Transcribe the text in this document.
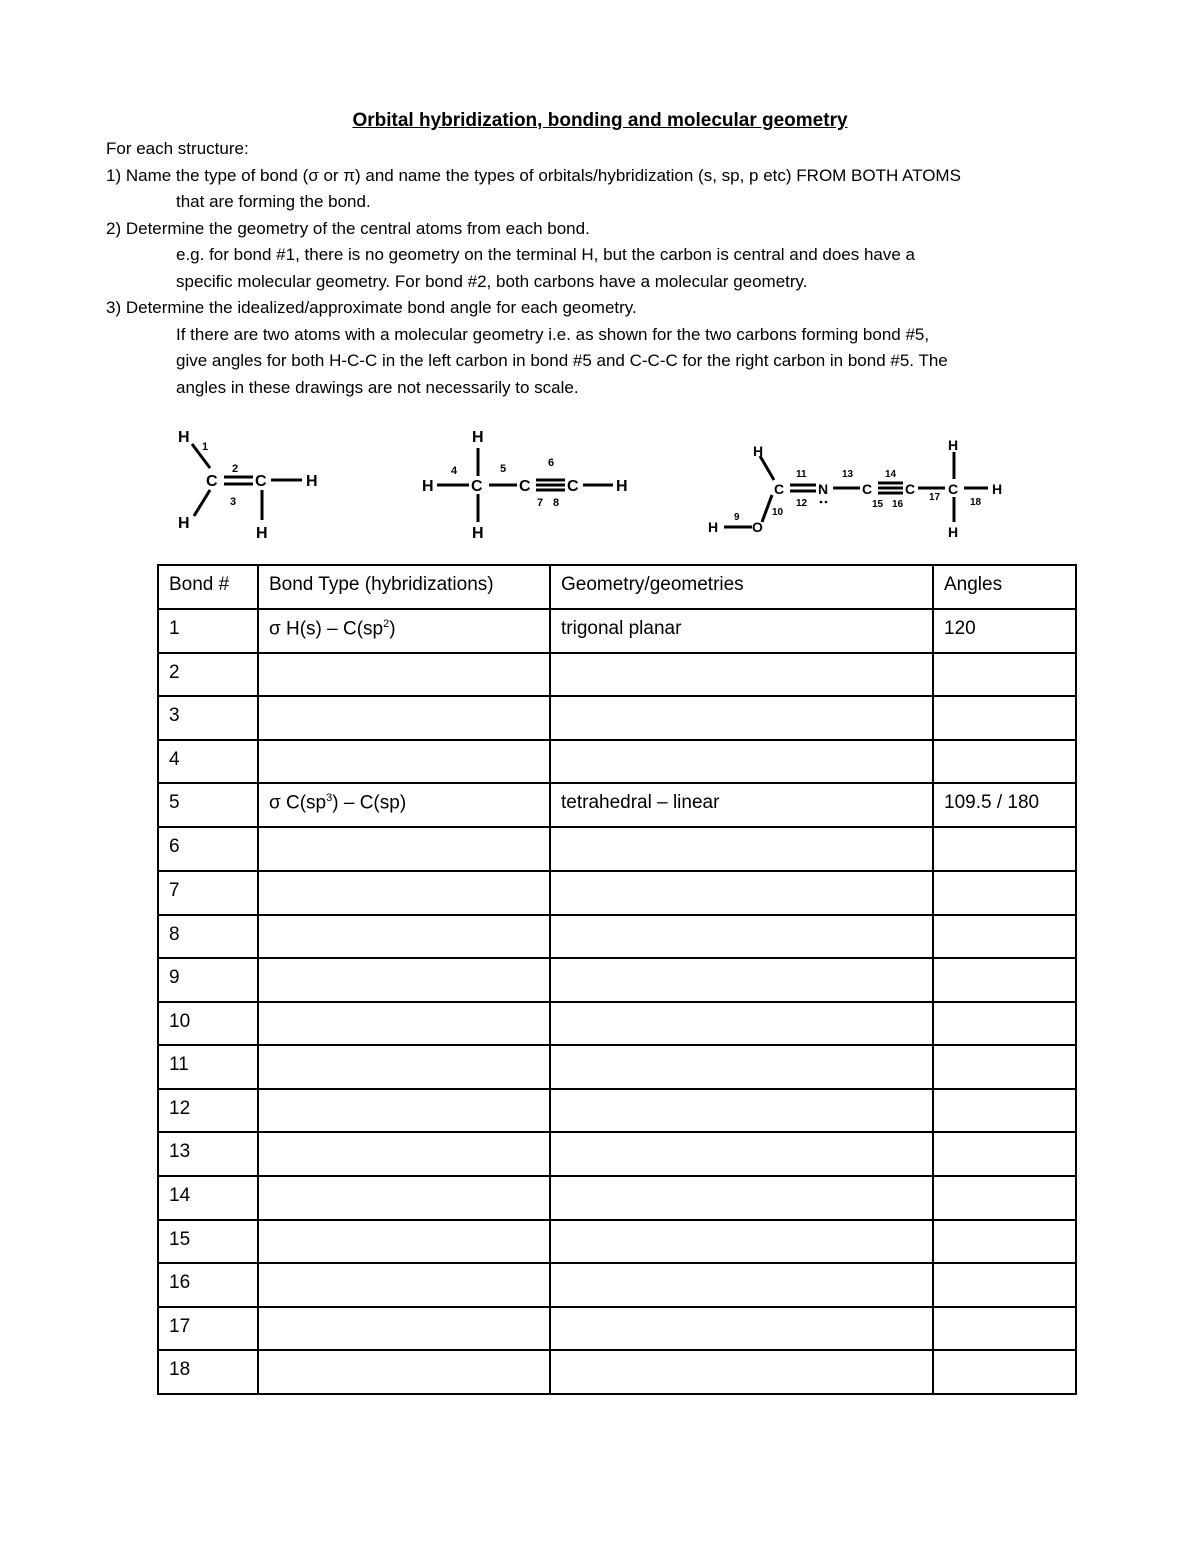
Orbital hybridization, bonding and molecular geometry

For each structure:

1) Name the type of bond (σ or π) and name the types of orbitals/hybridization (s, sp, p etc) FROM BOTH ATOMS

that are forming the bond.

2) Determine the geometry of the central atoms from each bond.

e.g. for bond #1, there is no geometry on the terminal H, but the carbon is central and does have a

specific molecular geometry. For bond #2, both carbons have a molecular geometry.

3) Determine the idealized/approximate bond angle for each geometry.

If there are two atoms with a molecular geometry i.e. as shown for the two carbons forming bond #5,

give angles for both H-C-C in the left carbon in bond #5 and C-C-C for the right carbon in bond #5. The

angles in these drawings are not necessarily to scale.

H
H
C C H
H
1
2
3
H
H
C
H
C C H
4	5	6
7 8
H
C N C C C
H
H
H
H O
9	10
11
12
13	14
15 16
17	18
Bond #	Bond Type (hybridizations)	Geometry/geometries	Angles
1	σ $H(s) - C(sp^2)$	trigonal planar	120
2			
3			
4			
5	σ $C(sp^3) - C(sp)$	tetrahedral – linear	109.5 / 180
6			
7			
8			
9			
10			
11			
12			
13			
14			
15			
16			
17			
18			
